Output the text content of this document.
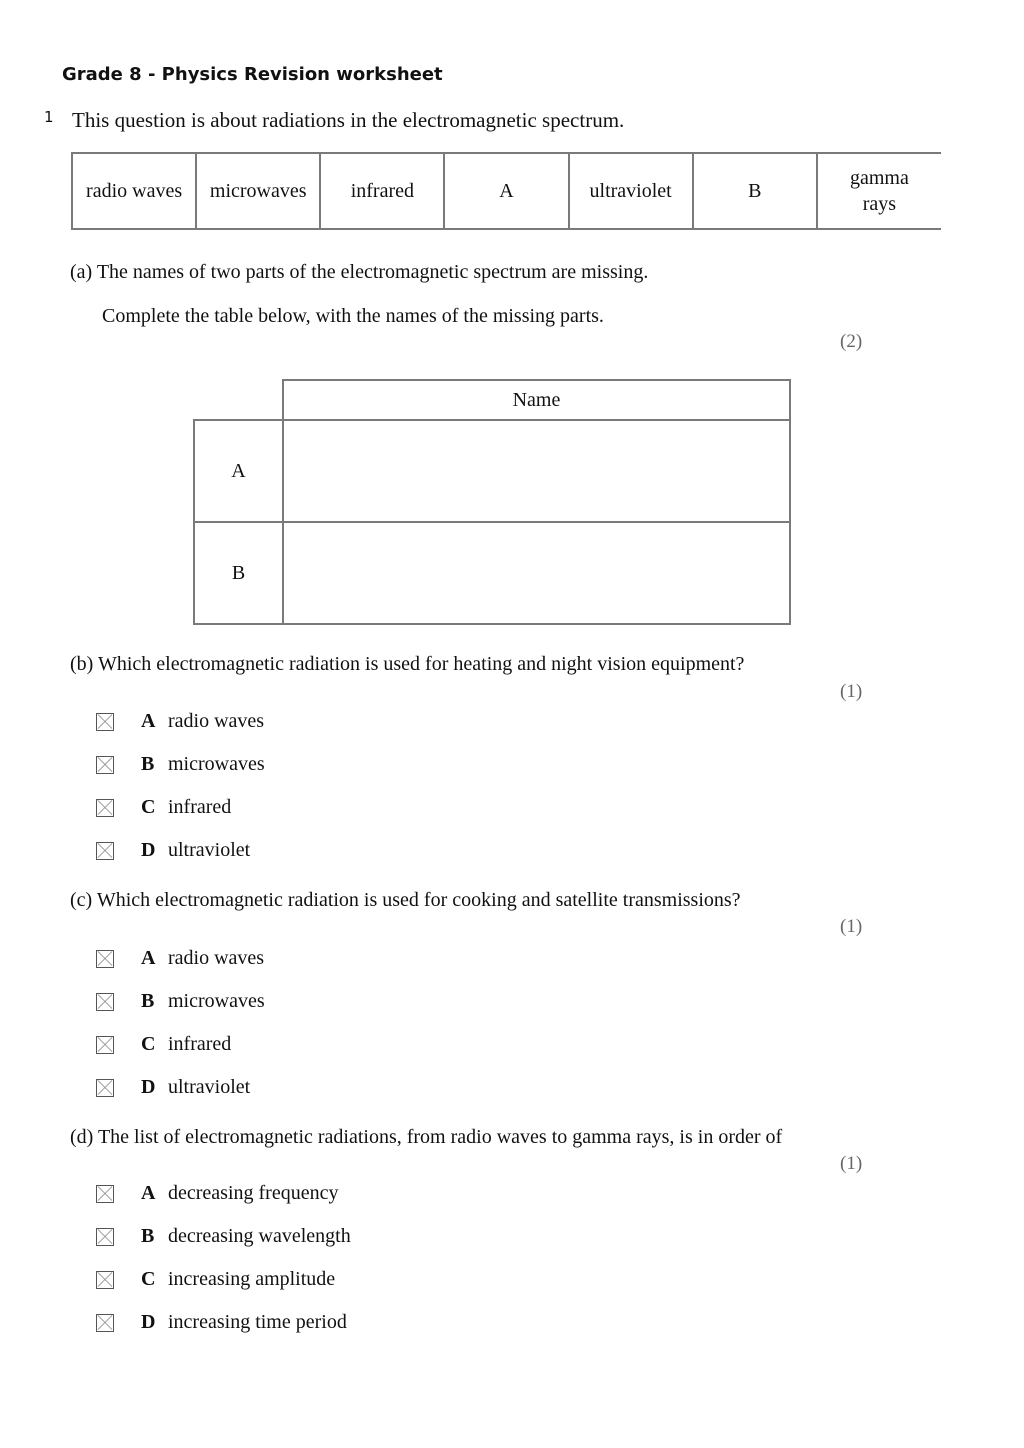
Grade 8 - Physics Revision worksheet
1 This question is about radiations in the electromagnetic spectrum.
radio waves	microwaves	infrared	A	ultraviolet	B	gamma rays
(a) The names of two parts of the electromagnetic spectrum are missing.
Complete the table below, with the names of the missing parts.
(2)
	Name
A	
B	
(b) Which electromagnetic radiation is used for heating and night vision equipment?
(1)
A radio waves
B microwaves
C infrared
D ultraviolet
(c) Which electromagnetic radiation is used for cooking and satellite transmissions?
(1)
A radio waves
B microwaves
C infrared
D ultraviolet
(d) The list of electromagnetic radiations, from radio waves to gamma rays, is in order of
(1)
A decreasing frequency
B decreasing wavelength
C increasing amplitude
D increasing time period
